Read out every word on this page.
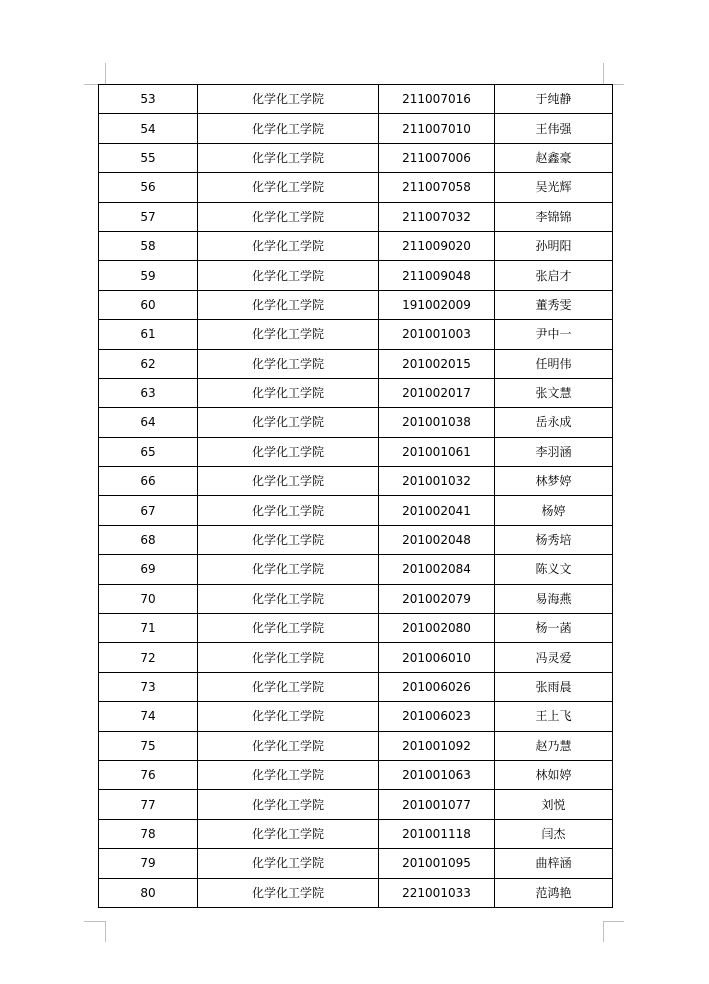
53	化学化工学院	211007016	于纯静
54	化学化工学院	211007010	王伟强
55	化学化工学院	211007006	赵鑫豪
56	化学化工学院	211007058	吴光辉
57	化学化工学院	211007032	李锦锦
58	化学化工学院	211009020	孙明阳
59	化学化工学院	211009048	张启才
60	化学化工学院	191002009	董秀雯
61	化学化工学院	201001003	尹中一
62	化学化工学院	201002015	任明伟
63	化学化工学院	201002017	张文慧
64	化学化工学院	201001038	岳永成
65	化学化工学院	201001061	李羽涵
66	化学化工学院	201001032	林梦婷
67	化学化工学院	201002041	杨婷
68	化学化工学院	201002048	杨秀培
69	化学化工学院	201002084	陈义文
70	化学化工学院	201002079	易海燕
71	化学化工学院	201002080	杨一菡
72	化学化工学院	201006010	冯灵爱
73	化学化工学院	201006026	张雨晨
74	化学化工学院	201006023	王上飞
75	化学化工学院	201001092	赵乃慧
76	化学化工学院	201001063	林如婷
77	化学化工学院	201001077	刘悦
78	化学化工学院	201001118	闫杰
79	化学化工学院	201001095	曲梓涵
80	化学化工学院	221001033	范鸿艳
